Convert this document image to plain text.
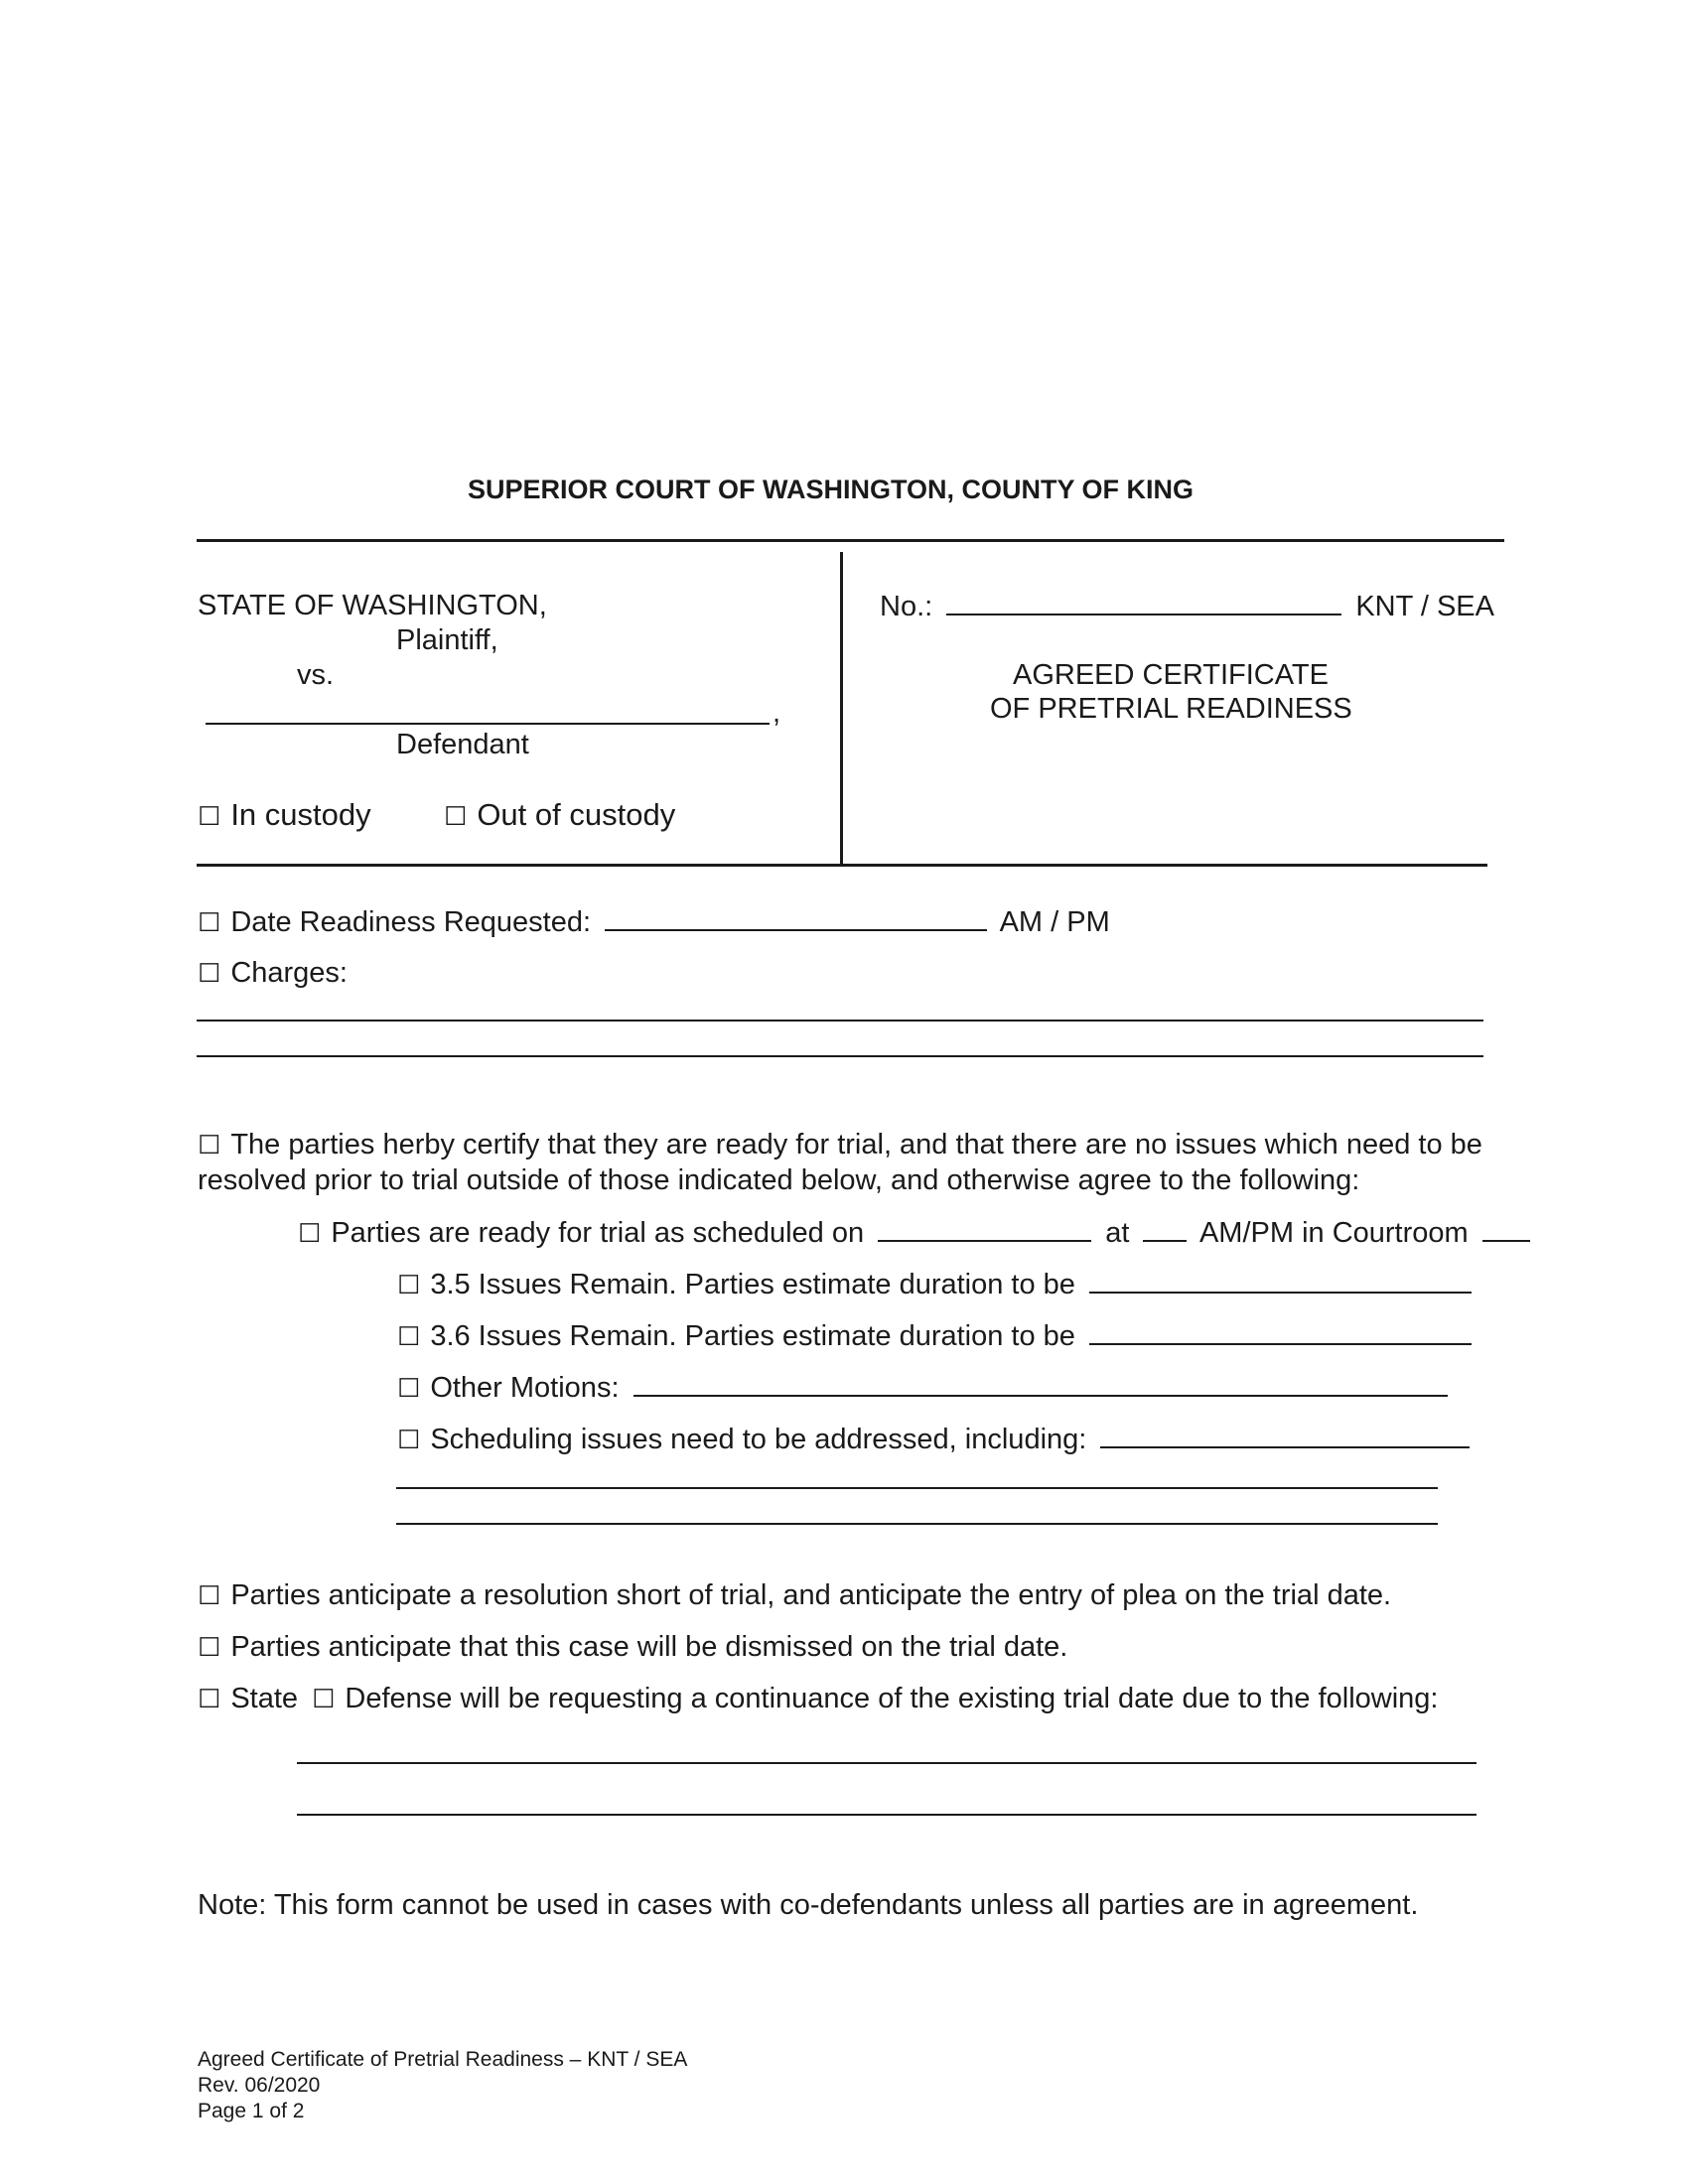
SUPERIOR COURT OF WASHINGTON, COUNTY OF KING
STATE OF WASHINGTON,
Plaintiff,
vs.
,
Defendant
☐ In custody	☐ Out of custody
No.:	KNT / SEA
AGREED CERTIFICATE
OF PRETRIAL READINESS
☐ Date Readiness Requested:	AM / PM
☐ Charges:
☐ The parties herby certify that they are ready for trial, and that there are no issues which need to be
resolved prior to trial outside of those indicated below, and otherwise agree to the following:
☐ Parties are ready for trial as scheduled on	at AM/PM in Courtroom
☐ 3.5 Issues Remain. Parties estimate duration to be
☐ 3.6 Issues Remain. Parties estimate duration to be
☐ Other Motions:
☐ Scheduling issues need to be addressed, including:
☐ Parties anticipate a resolution short of trial, and anticipate the entry of plea on the trial date.
☐ Parties anticipate that this case will be dismissed on the trial date.
☐ State ☐ Defense will be requesting a continuance of the existing trial date due to the following:
Note: This form cannot be used in cases with co-defendants unless all parties are in agreement.
Agreed Certificate of Pretrial Readiness – KNT / SEA
Rev. 06/2020
Page 1 of 2
